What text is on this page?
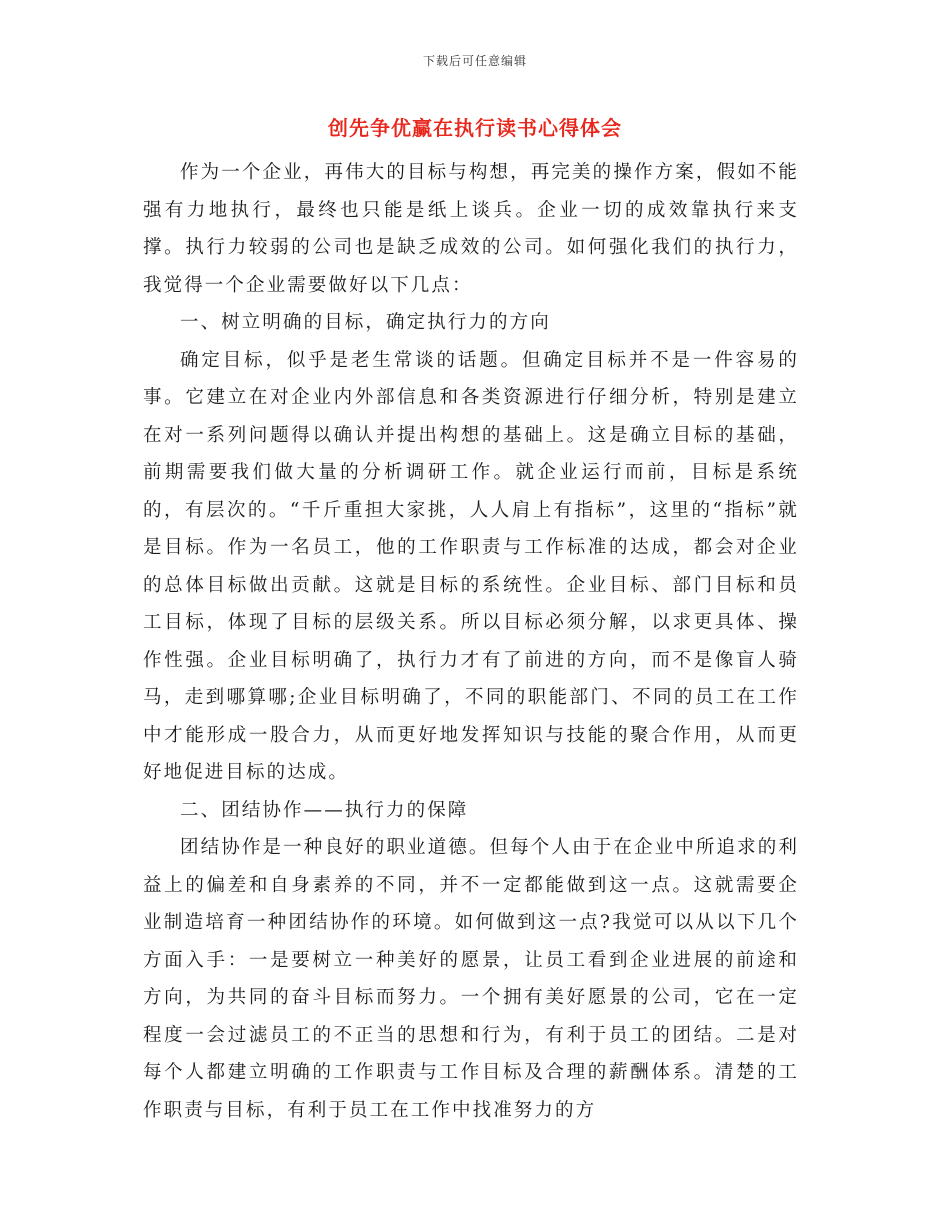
下载后可任意编辑
创先争优赢在执行读书心得体会

作为一个企业，再伟大的目标与构想，再完美的操作方案，假如不能强有力地执行，最终也只能是纸上谈兵。企业一切的成效靠执行来支撑。执行力较弱的公司也是缺乏成效的公司。如何强化我们的执行力，我觉得一个企业需要做好以下几点：

一、树立明确的目标，确定执行力的方向

确定目标，似乎是老生常谈的话题。但确定目标并不是一件容易的事。它建立在对企业内外部信息和各类资源进行仔细分析，特别是建立在对一系列问题得以确认并提出构想的基础上。这是确立目标的基础，前期需要我们做大量的分析调研工作。就企业运行而前，目标是系统的，有层次的。“千斤重担大家挑，人人肩上有指标”，这里的“指标”就是目标。作为一名员工，他的工作职责与工作标准的达成，都会对企业的总体目标做出贡献。这就是目标的系统性。企业目标、部门目标和员工目标，体现了目标的层级关系。所以目标必须分解，以求更具体、操作性强。企业目标明确了，执行力才有了前进的方向，而不是像盲人骑马，走到哪算哪;企业目标明确了，不同的职能部门、不同的员工在工作中才能形成一股合力，从而更好地发挥知识与技能的聚合作用，从而更好地促进目标的达成。

二、团结协作——执行力的保障

团结协作是一种良好的职业道德。但每个人由于在企业中所追求的利益上的偏差和自身素养的不同，并不一定都能做到这一点。这就需要企业制造培育一种团结协作的环境。如何做到这一点?我觉可以从以下几个方面入手：一是要树立一种美好的愿景，让员工看到企业进展的前途和方向，为共同的奋斗目标而努力。一个拥有美好愿景的公司，它在一定程度一会过滤员工的不正当的思想和行为，有利于员工的团结。二是对每个人都建立明确的工作职责与工作目标及合理的薪酬体系。清楚的工作职责与目标，有利于员工在工作中找准努力的方
